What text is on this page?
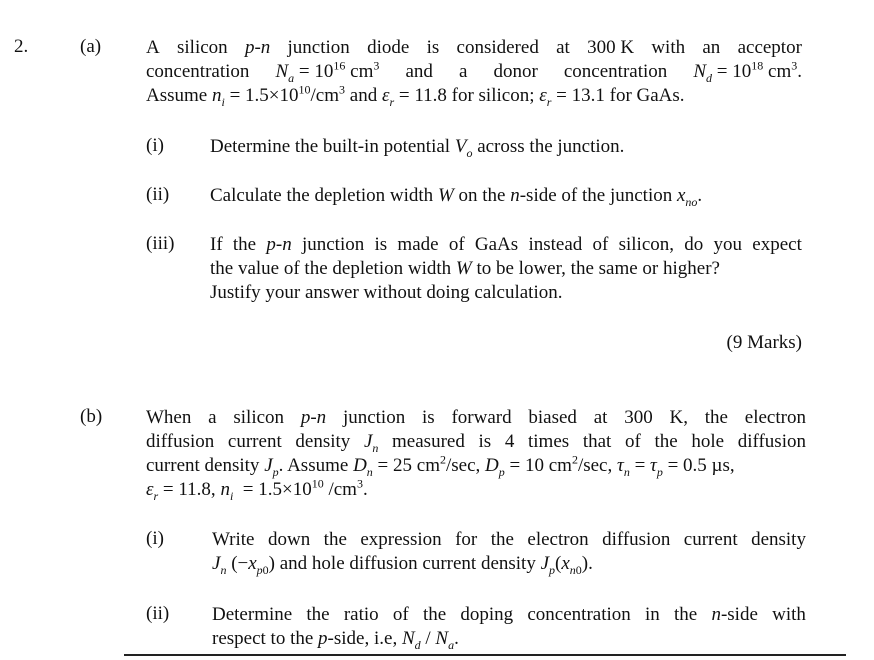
2.	(a) A silicon p-n junction diode is considered at 300 K with an acceptor
concentration $N_a = 10^{16}$ $cm^3$ and a donor concentration $N_d = 10^{18}$ $cm^3$.
Assume $n_i = 1.5\times 10^{10}/cm^3$ and $\varepsilon_r = 11.8$ for silicon; $\varepsilon_r = 13.1$ for GaAs.
(i) Determine the built-in potential $V_o$ across the junction.
(ii) Calculate the depletion width W on the n-side of the junction $x_{no}$.
(iii) If the p-n junction is made of GaAs instead of silicon, do you expect
the value of the depletion width W to be lower, the same or higher?
Justify your answer without doing calculation.
(9 Marks)
(b) When a silicon p-n junction is forward biased at 300 K, the electron
diffusion current density $J_n$ measured is 4 times that of the hole diffusion
current density $J_p$. Assume $D_n = 25$ $cm^2/\sec$, $D_p = 10$ $cm^2/\sec$, $\tau_n = \tau_p = 0.5$ µs,
$\varepsilon_r = 11.8$, $n_i = 1.5\times 10^{10}$ $/cm^3$.
(i)	Write down the expression for the electron diffusion current density
$J_n$ $(-x_{p0})$ and hole diffusion current density $J_p(x_{n0})$.
(ii) Determine the ratio of the doping concentration in the n-side with
respect to the p-side, i.e, $N_d / N_a$.
